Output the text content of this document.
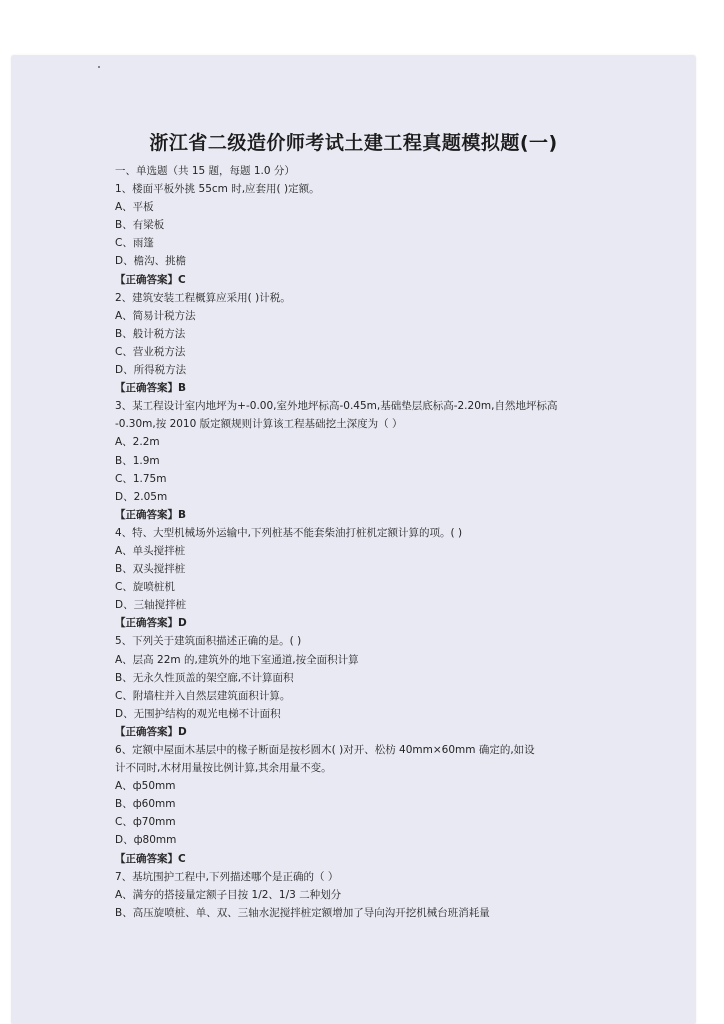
浙江省二级造价师考试土建工程真题模拟题(一)
一、单选题（共 15 题，每题 1.0 分）
1、楼面平板外挑 55cm 时,应套用( )定额。
A、平板
B、有梁板
C、雨篷
D、檐沟、挑檐
【正确答案】C
2、建筑安装工程概算应采用( )计税。
A、简易计税方法
B、般计税方法
C、营业税方法
D、所得税方法
【正确答案】B
3、某工程设计室内地坪为+-0.00,室外地坪标高-0.45m,基础垫层底标高-2.20m,自然地坪标高
-0.30m,按 2010 版定额规则计算该工程基础挖土深度为（ ）
A、2.2m
B、1.9m
C、1.75m
D、2.05m
【正确答案】B
4、特、大型机械场外运输中,下列桩基不能套柴油打桩机定额计算的项。( )
A、单头搅拌桩
B、双头搅拌桩
C、旋喷桩机
D、三轴搅拌桩
【正确答案】D
5、下列关于建筑面积描述正确的是。( )
A、层高 22m 的,建筑外的地下室通道,按全面积计算
B、无永久性顶盖的架空廊,不计算面积
C、附墙柱并入自然层建筑面积计算。
D、无围护结构的观光电梯不计面积
【正确答案】D
6、定额中屋面木基层中的椽子断面是按杉圆木( )对开、松枋 40mm×60mm 确定的,如设
计不同时,木材用量按比例计算,其余用量不变。
A、ф50mm
B、ф60mm
C、ф70mm
D、ф80mm
【正确答案】C
7、基坑围护工程中,下列描述哪个是正确的（ ）
A、满夯的搭接量定额子目按 1/2、1/3 二种划分
B、高压旋喷桩、单、双、三轴水泥搅拌桩定额增加了导向沟开挖机械台班消耗量
